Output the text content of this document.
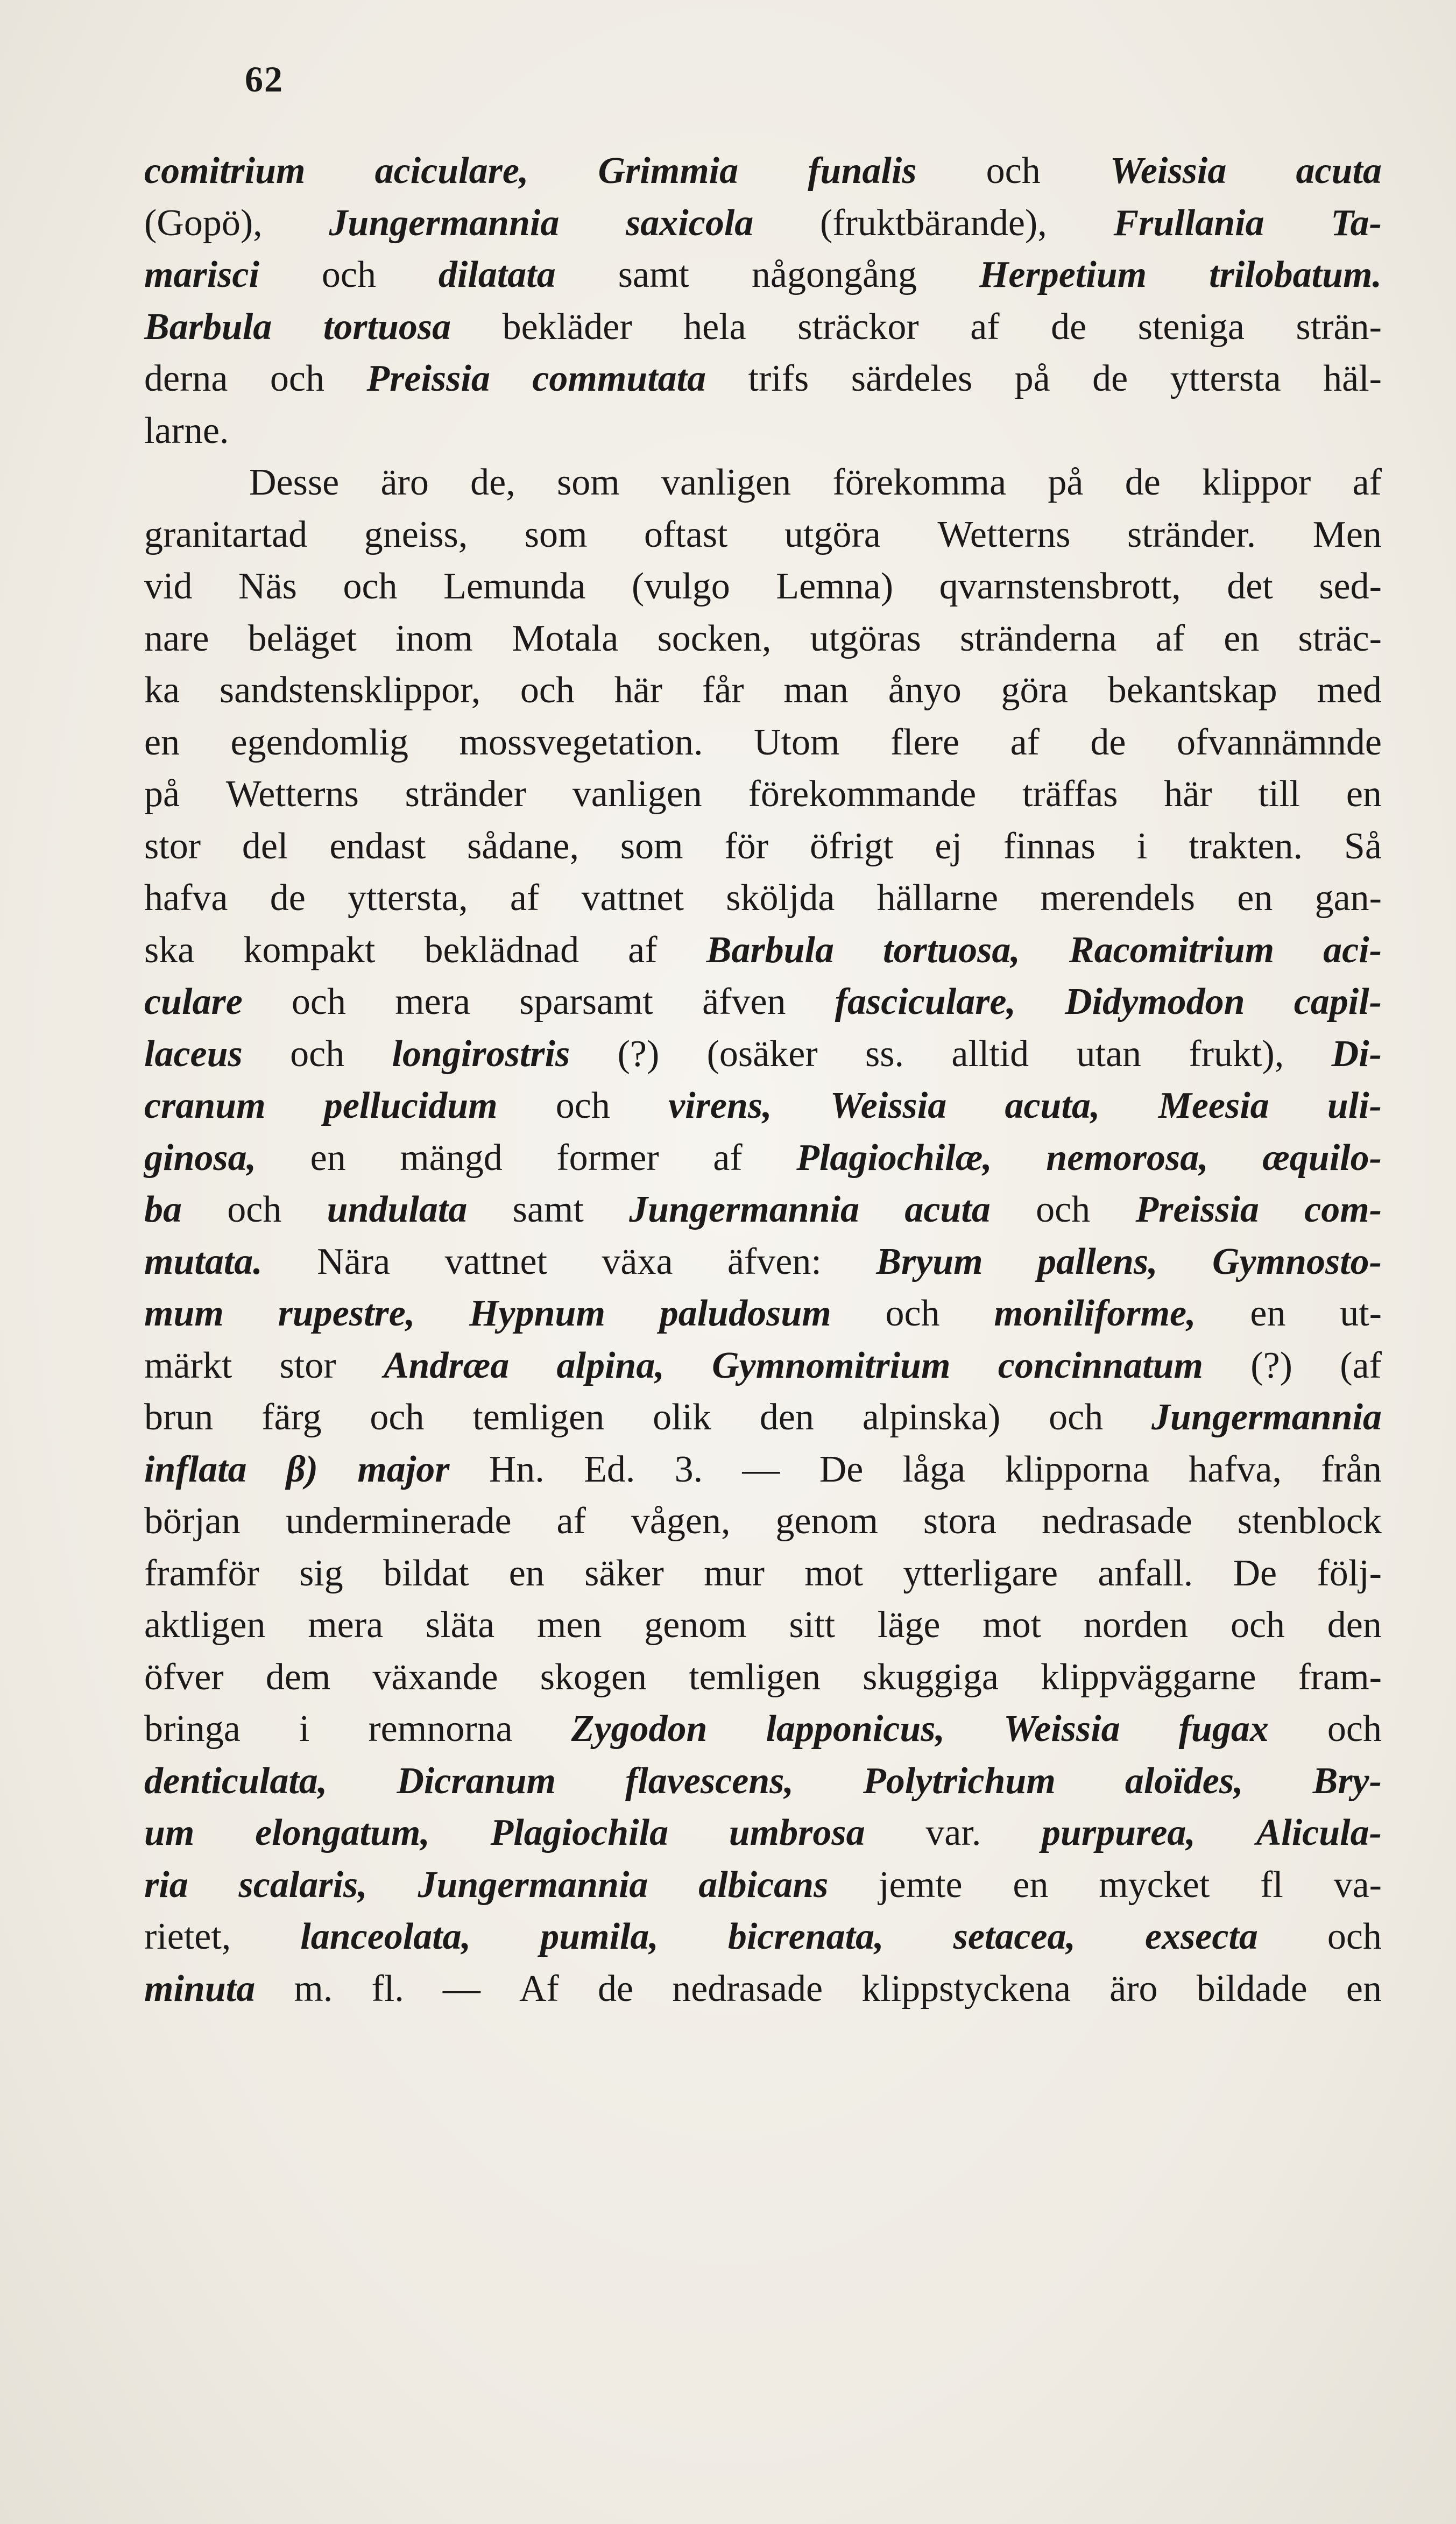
62
comitrium aciculare, Grimmia funalis och Weissia acuta
(Gopö), Jungermannia saxicola (fruktbärande), Frullania Ta-
marisci och dilatata samt någongång Herpetium trilobatum.
Barbula tortuosa bekläder hela sträckor af de steniga strän-
derna och Preissia commutata trifs särdeles på de yttersta häl-
larne.
Desse äro de, som vanligen förekomma på de klippor af
granitartad gneiss, som oftast utgöra Wetterns stränder. Men
vid Näs och Lemunda (vulgo Lemna) qvarnstensbrott, det sed-
nare beläget inom Motala socken, utgöras stränderna af en sträc-
ka sandstensklippor, och här får man ånyo göra bekantskap med
en egendomlig mossvegetation. Utom flere af de ofvannämnde
på Wetterns stränder vanligen förekommande träffas här till en
stor del endast sådane, som för öfrigt ej finnas i trakten. Så
hafva de yttersta, af vattnet sköljda hällarne merendels en gan-
ska kompakt beklädnad af Barbula tortuosa, Racomitrium aci-
culare och mera sparsamt äfven fasciculare, Didymodon capil-
laceus och longirostris (?) (osäker ss. alltid utan frukt), Di-
cranum pellucidum och virens, Weissia acuta, Meesia uli-
ginosa, en mängd former af Plagiochilæ, nemorosa, æquilo-
ba och undulata samt Jungermannia acuta och Preissia com-
mutata. Nära vattnet växa äfven: Bryum pallens, Gymnosto-
mum rupestre, Hypnum paludosum och moniliforme, en ut-
märkt stor Andræa alpina, Gymnomitrium concinnatum (?) (af
brun färg och temligen olik den alpinska) och Jungermannia
inflata β) major Hn. Ed. 3. — De låga klipporna hafva, från
början underminerade af vågen, genom stora nedrasade stenblock
framför sig bildat en säker mur mot ytterligare anfall. De följ-
aktligen mera släta men genom sitt läge mot norden och den
öfver dem växande skogen temligen skuggiga klippväggarne fram-
bringa i remnorna Zygodon lapponicus, Weissia fugax och
denticulata, Dicranum flavescens, Polytrichum aloïdes, Bry-
um elongatum, Plagiochila umbrosa var. purpurea, Alicula-
ria scalaris, Jungermannia albicans jemte en mycket fl va-
rietet, lanceolata, pumila, bicrenata, setacea, exsecta och
minuta m. fl. — Af de nedrasade klippstyckena äro bildade en
